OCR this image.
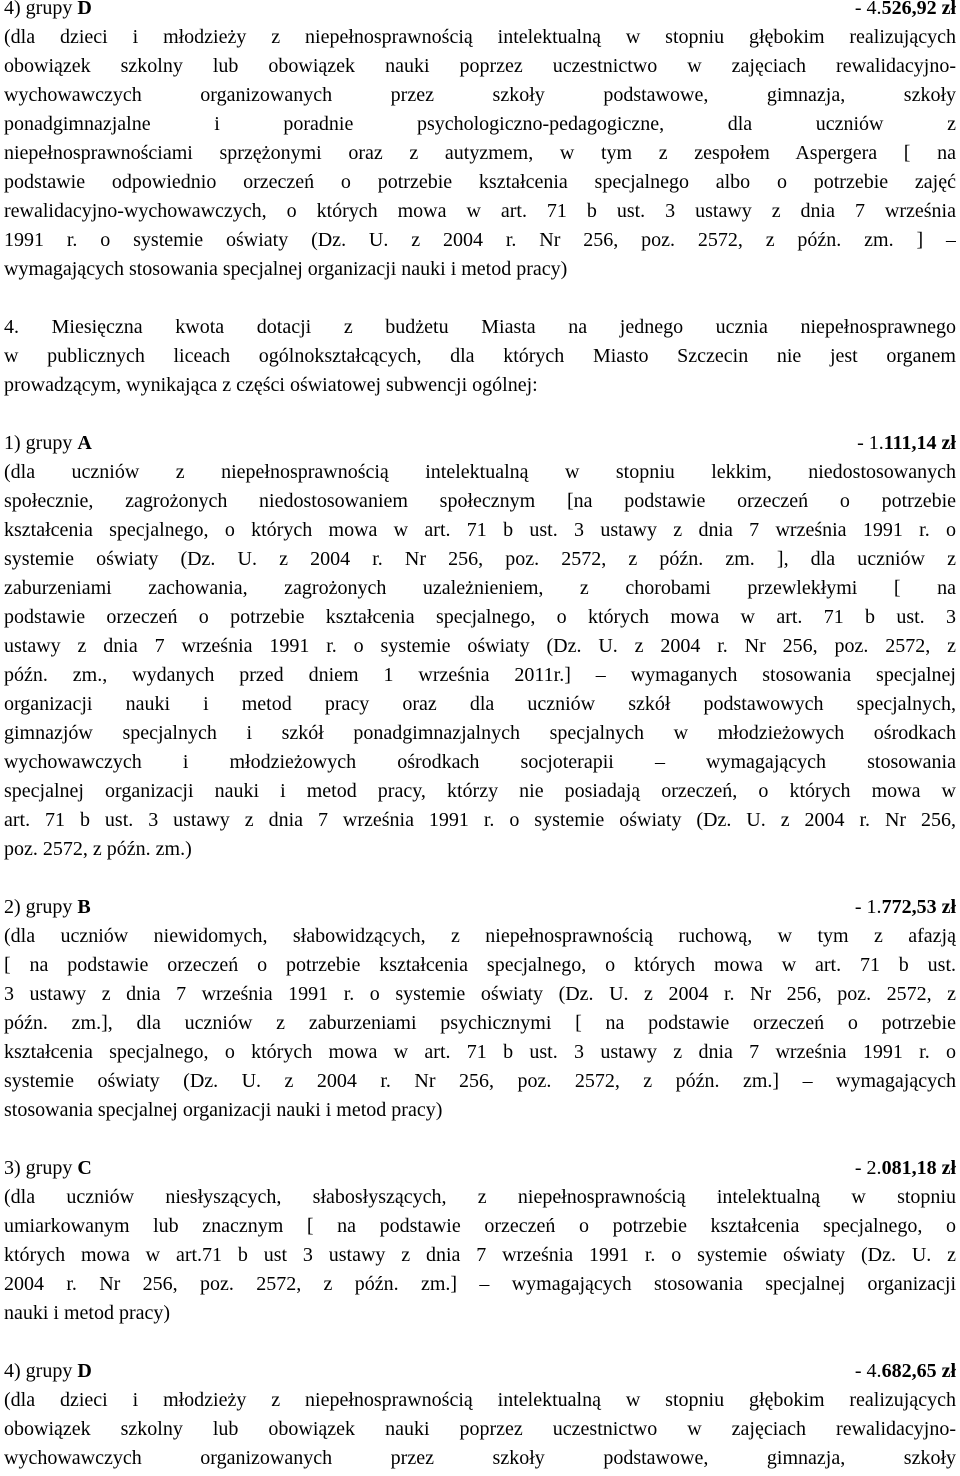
4) grupy D	- 4.526,92 zł
(dla dzieci i młodzieży z niepełnosprawnością intelektualną w stopniu głębokim realizujących
obowiązek szkolny lub obowiązek nauki poprzez uczestnictwo w zajęciach rewalidacyjno-
wychowawczych organizowanych przez szkoły podstawowe, gimnazja, szkoły
ponadgimnazjalne i poradnie psychologiczno-pedagogiczne, dla uczniów z
niepełnosprawnościami sprzężonymi oraz z autyzmem, w tym z zespołem Aspergera [ na
podstawie odpowiednio orzeczeń o potrzebie kształcenia specjalnego albo o potrzebie zajęć
rewalidacyjno-wychowawczych, o których mowa w art. 71 b ust. 3 ustawy z dnia 7 września
1991 r. o systemie oświaty (Dz. U. z 2004 r. Nr 256, poz. 2572, z późn. zm. ] –
wymagających stosowania specjalnej organizacji nauki i metod pracy)
4. Miesięczna kwota dotacji z budżetu Miasta na jednego ucznia niepełnosprawnego
w publicznych liceach ogólnokształcących, dla których Miasto Szczecin nie jest organem
prowadzącym, wynikająca z części oświatowej subwencji ogólnej:
1) grupy A	- 1.111,14 zł
(dla uczniów z niepełnosprawnością intelektualną w stopniu lekkim, niedostosowanych
społecznie, zagrożonych niedostosowaniem społecznym [na podstawie orzeczeń o potrzebie
kształcenia specjalnego, o których mowa w art. 71 b ust. 3 ustawy z dnia 7 września 1991 r. o
systemie oświaty (Dz. U. z 2004 r. Nr 256, poz. 2572, z późn. zm. ], dla uczniów z
zaburzeniami zachowania, zagrożonych uzależnieniem, z chorobami przewlekłymi [ na
podstawie orzeczeń o potrzebie kształcenia specjalnego, o których mowa w art. 71 b ust. 3
ustawy z dnia 7 września 1991 r. o systemie oświaty (Dz. U. z 2004 r. Nr 256, poz. 2572, z
późn. zm., wydanych przed dniem 1 września 2011r.] – wymaganych stosowania specjalnej
organizacji nauki i metod pracy oraz dla uczniów szkół podstawowych specjalnych,
gimnazjów specjalnych i szkół ponadgimnazjalnych specjalnych w młodzieżowych ośrodkach
wychowawczych i młodzieżowych ośrodkach socjoterapii – wymagających stosowania
specjalnej organizacji nauki i metod pracy, którzy nie posiadają orzeczeń, o których mowa w
art. 71 b ust. 3 ustawy z dnia 7 września 1991 r. o systemie oświaty (Dz. U. z 2004 r. Nr 256,
poz. 2572, z późn. zm.)
2) grupy B	- 1.772,53 zł
(dla uczniów niewidomych, słabowidzących, z niepełnosprawnością ruchową, w tym z afazją
[ na podstawie orzeczeń o potrzebie kształcenia specjalnego, o których mowa w art. 71 b ust.
3 ustawy z dnia 7 września 1991 r. o systemie oświaty (Dz. U. z 2004 r. Nr 256, poz. 2572, z
późn. zm.], dla uczniów z zaburzeniami psychicznymi [ na podstawie orzeczeń o potrzebie
kształcenia specjalnego, o których mowa w art. 71 b ust. 3 ustawy z dnia 7 września 1991 r. o
systemie oświaty (Dz. U. z 2004 r. Nr 256, poz. 2572, z późn. zm.] – wymagających
stosowania specjalnej organizacji nauki i metod pracy)
3) grupy C	- 2.081,18 zł
(dla uczniów niesłyszących, słabosłyszących, z niepełnosprawnością intelektualną w stopniu
umiarkowanym lub znacznym [ na podstawie orzeczeń o potrzebie kształcenia specjalnego, o
których mowa w art.71 b ust 3 ustawy z dnia 7 września 1991 r. o systemie oświaty (Dz. U. z
2004 r. Nr 256, poz. 2572, z późn. zm.] – wymagających stosowania specjalnej organizacji
nauki i metod pracy)
4) grupy D	- 4.682,65 zł
(dla dzieci i młodzieży z niepełnosprawnością intelektualną w stopniu głębokim realizujących
obowiązek szkolny lub obowiązek nauki poprzez uczestnictwo w zajęciach rewalidacyjno-
wychowawczych organizowanych przez szkoły podstawowe, gimnazja, szkoły
